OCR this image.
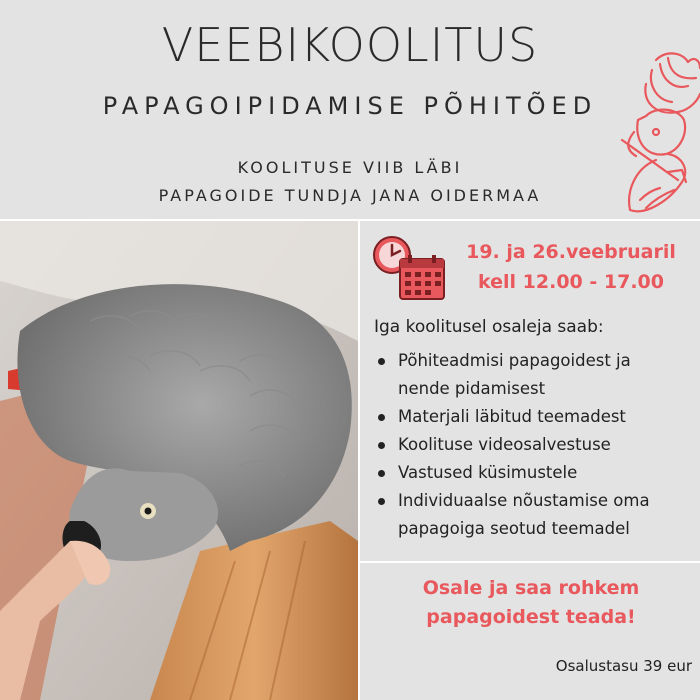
VEEBIKOOLITUS
PAPAGOIPIDAMISE PÕHITÕED
KOOLITUSE VIIB LÄBI
PAPAGOIDE TUNDJA JANA OIDERMAA
19. ja 26.veebruaril
kell 12.00 - 17.00
Iga koolitusel osaleja saab:
Põhiteadmisi papagoidest ja
nende pidamisest
Materjali läbitud teemadest
Koolituse videosalvestuse
Vastused küsimustele
Individuaalse nõustamise oma
papagoiga seotud teemadel
Osale ja saa rohkem
papagoidest teada!
Osalustasu 39 eur
